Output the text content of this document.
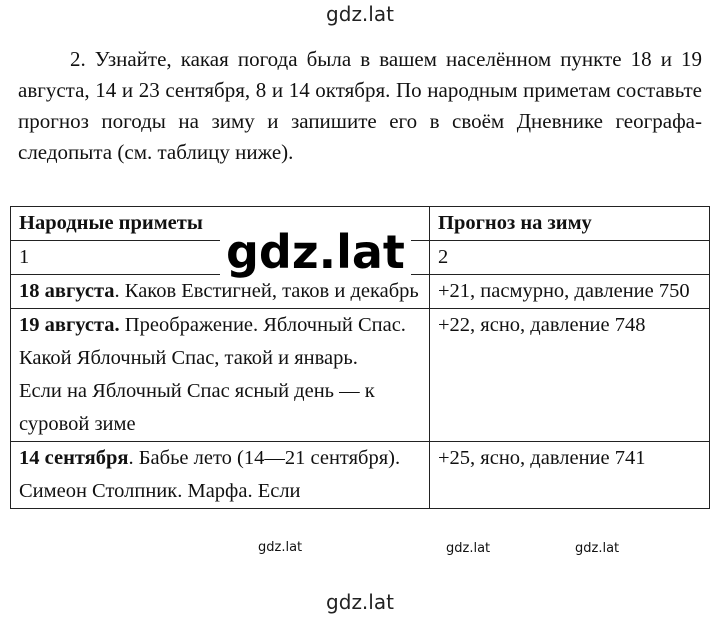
gdz.lat
2. Узнайте, какая погода была в вашем населённом пункте 18 и 19 августа, 14 и 23 сентября, 8 и 14 октября. По народным приметам составьте прогноз погоды на зиму и запишите его в своём Дневнике географа-следопыта (см. таблицу ниже).
Народные приметы	Прогноз на зиму
1	2
18 августа. Каков Евстигней, таков и декабрь	+21, пасмурно, давление 750
19 августа. Преображение. Яблочный Спас.
Какой Яблочный Спас, такой и январь.
Если на Яблочный Спас ясный день — к суровой зиме	+22, ясно, давление 748
14 сентября. Бабье лето (14—21 сентября). Симеон Столпник. Марфа. Если	+25, ясно, давление 741
gdz.lat
gdz.lat	gdz.lat	gdz.lat
gdz.lat
